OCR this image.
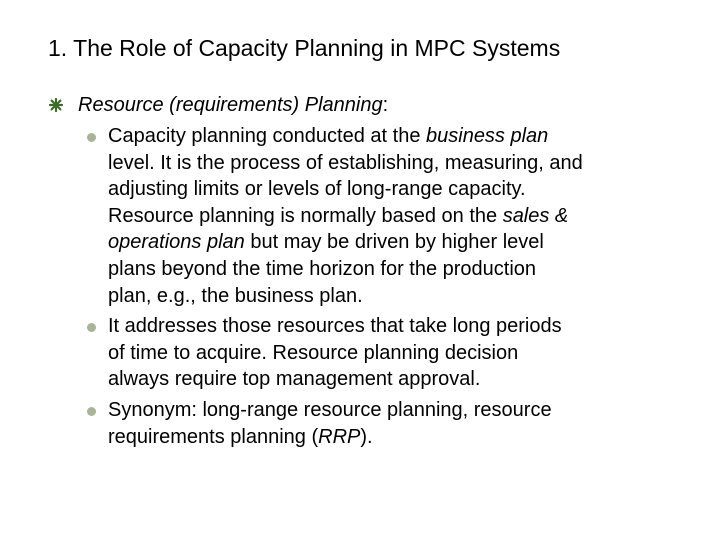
1. The Role of Capacity Planning in MPC Systems

Resource (requirements) Planning:

Capacity planning conducted at the business plan
level. It is the process of establishing, measuring, and
adjusting limits or levels of long-range capacity.
Resource planning is normally based on the sales &
operations plan but may be driven by higher level
plans beyond the time horizon for the production
plan, e.g., the business plan.

It addresses those resources that take long periods
of time to acquire. Resource planning decision
always require top management approval.

Synonym: long-range resource planning, resource
requirements planning (RRP).
